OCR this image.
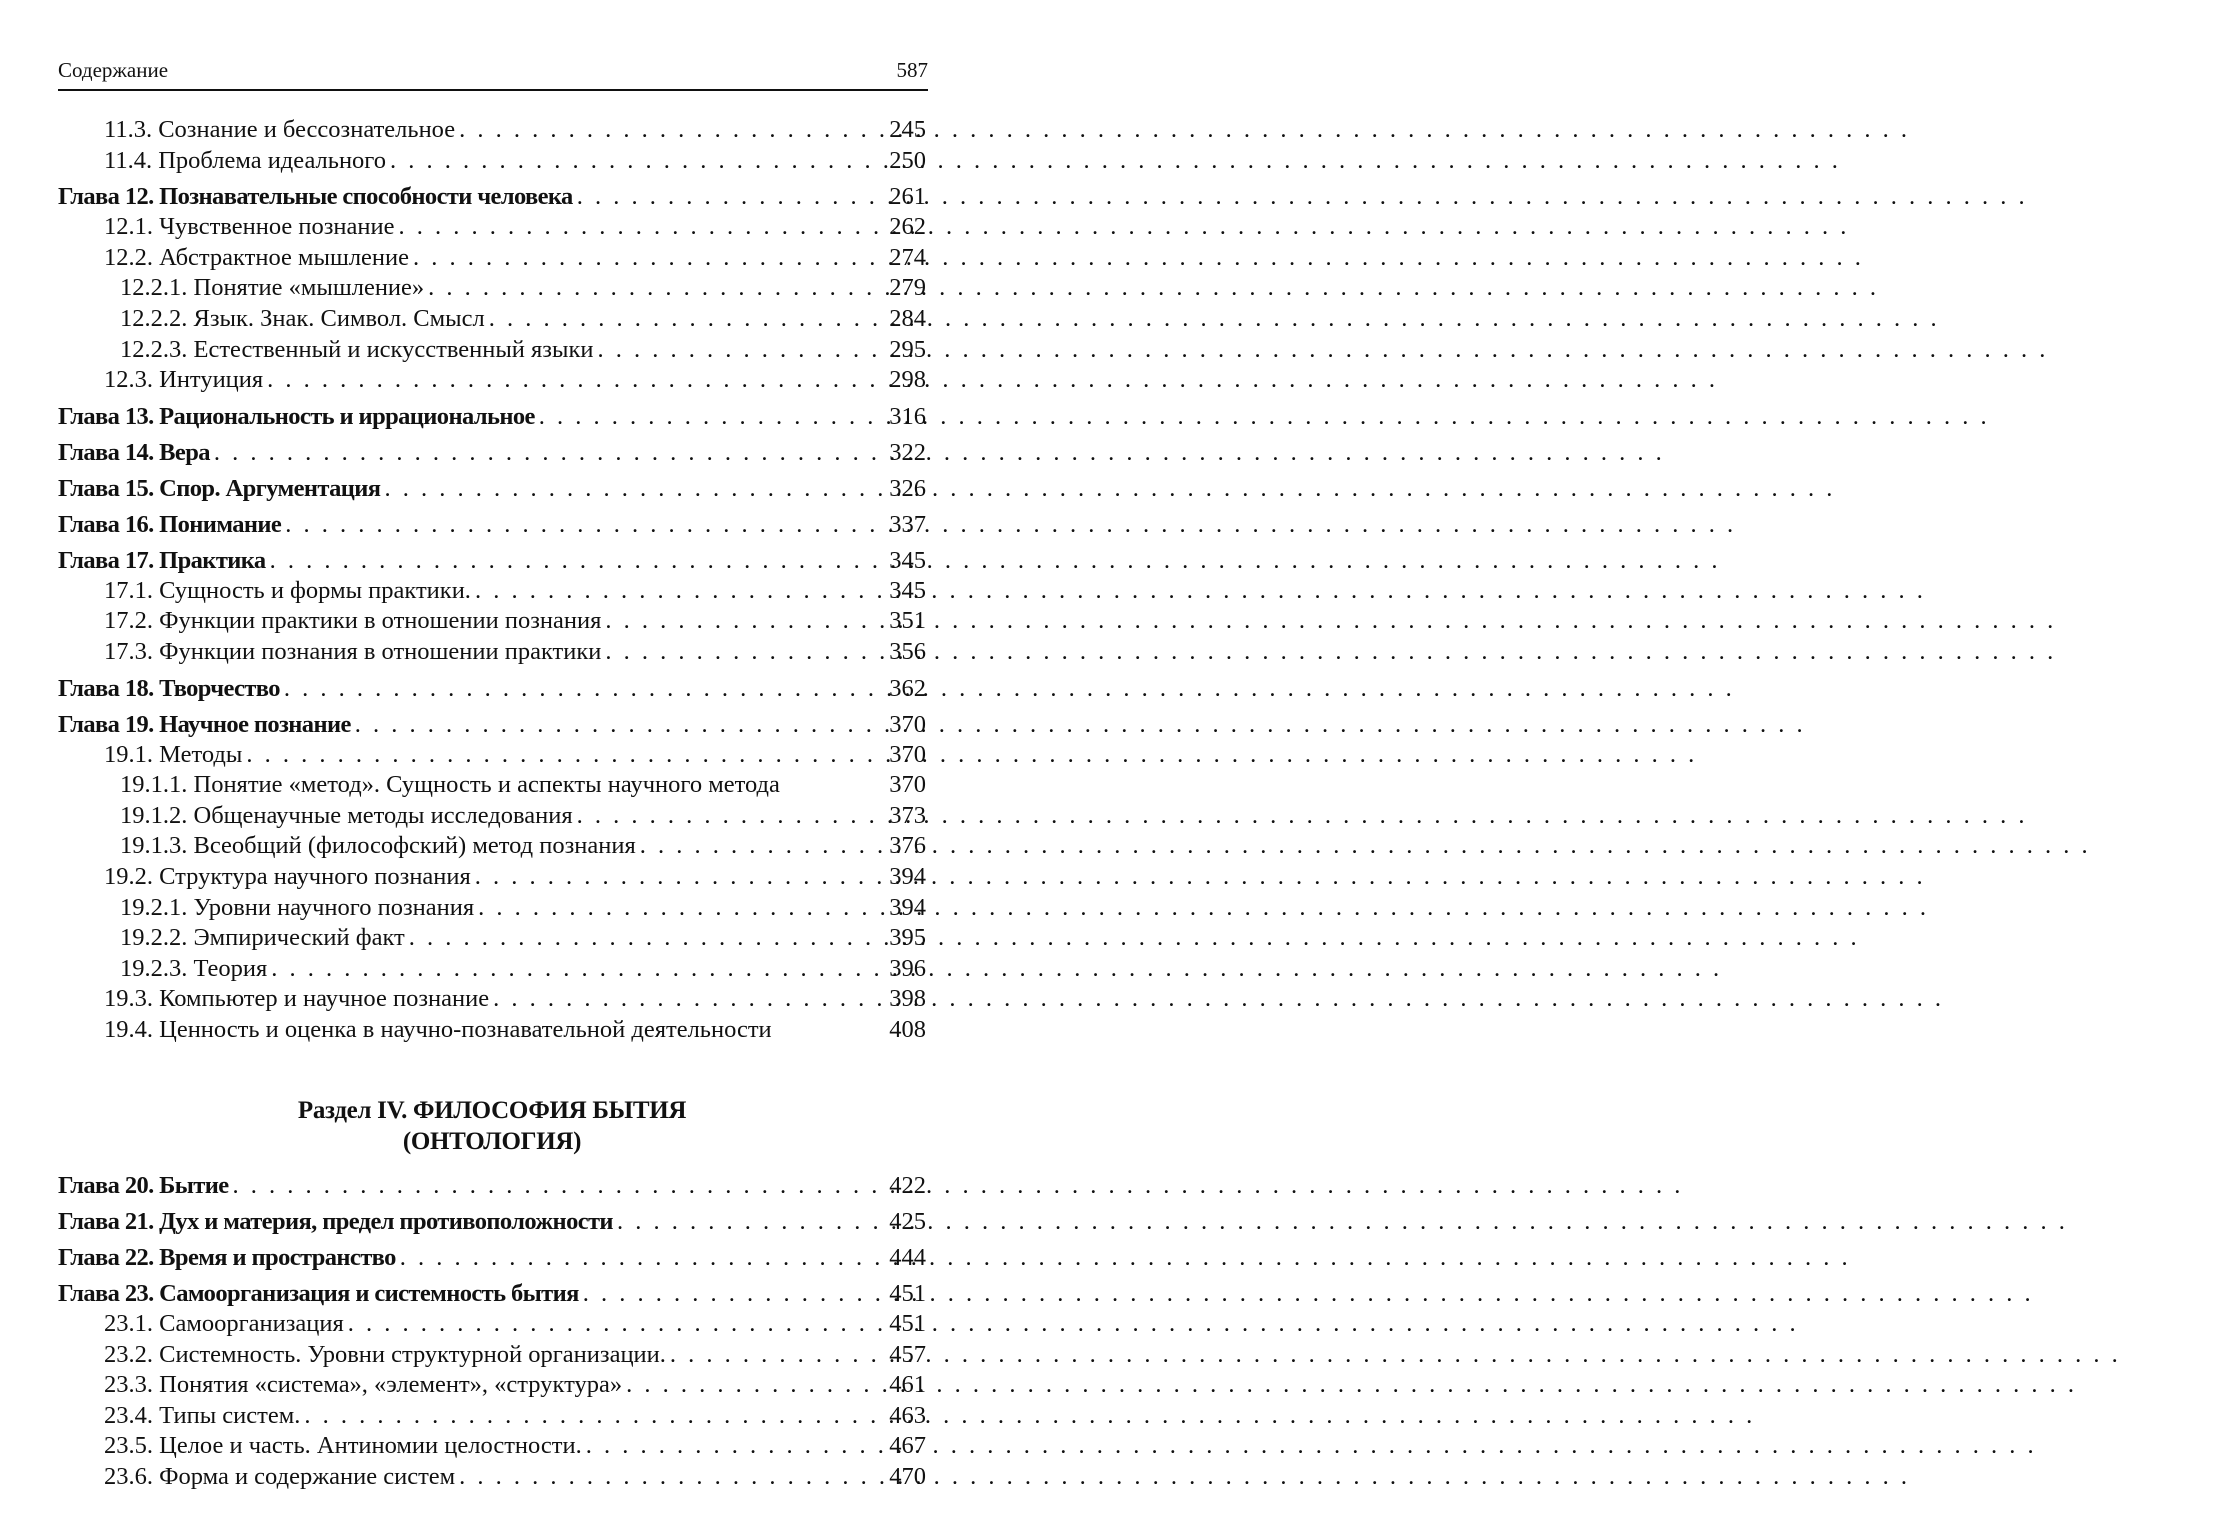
Содержание	587
11.3. Сознание и бессознательное . . .	245
11.4. Проблема идеального . . .	250
Глава 12. Познавательные способности человека . . .	261
12.1. Чувственное познание . . .	262
12.2. Абстрактное мышление . . .	274
12.2.1. Понятие «мышление» . . .	279
12.2.2. Язык. Знак. Символ. Смысл . . .	284
12.2.3. Естественный и искусственный языки . . .	295
12.3. Интуиция . . .	298
Глава 13. Рациональность и иррациональное . . .	316
Глава 14. Вера . . .	322
Глава 15. Спор. Аргументация . . .	326
Глава 16. Понимание . . .	337
Глава 17. Практика . . .	345
17.1. Сущность и формы практики. . . .	345
17.2. Функции практики в отношении познания . . .	351
17.3. Функции познания в отношении практики . . .	356
Глава 18. Творчество . . .	362
Глава 19. Научное познание . . .	370
19.1. Методы . . .	370
19.1.1. Понятие «метод». Сущность и аспекты научного метода	370
19.1.2. Общенаучные методы исследования . . .	373
19.1.3. Всеобщий (философский) метод познания . . .	376
19.2. Структура научного познания . . .	394
19.2.1. Уровни научного познания . . .	394
19.2.2. Эмпирический факт . . .	395
19.2.3. Теория . . .	396
19.3. Компьютер и научное познание . . .	398
19.4. Ценность и оценка в научно-познавательной деятельности	408
Раздел IV. ФИЛОСОФИЯ БЫТИЯ
(ОНТОЛОГИЯ)
Глава 20. Бытие . . .	422
Глава 21. Дух и материя, предел противоположности . . .	425
Глава 22. Время и пространство . . .	444
Глава 23. Самоорганизация и системность бытия . . .	451
23.1. Самоорганизация . . .	451
23.2. Системность. Уровни структурной организации. . . .	457
23.3. Понятия «система», «элемент», «структура» . . .	461
23.4. Типы систем. . . .	463
23.5. Целое и часть. Антиномии целостности. . . .	467
23.6. Форма и содержание систем . . .	470
